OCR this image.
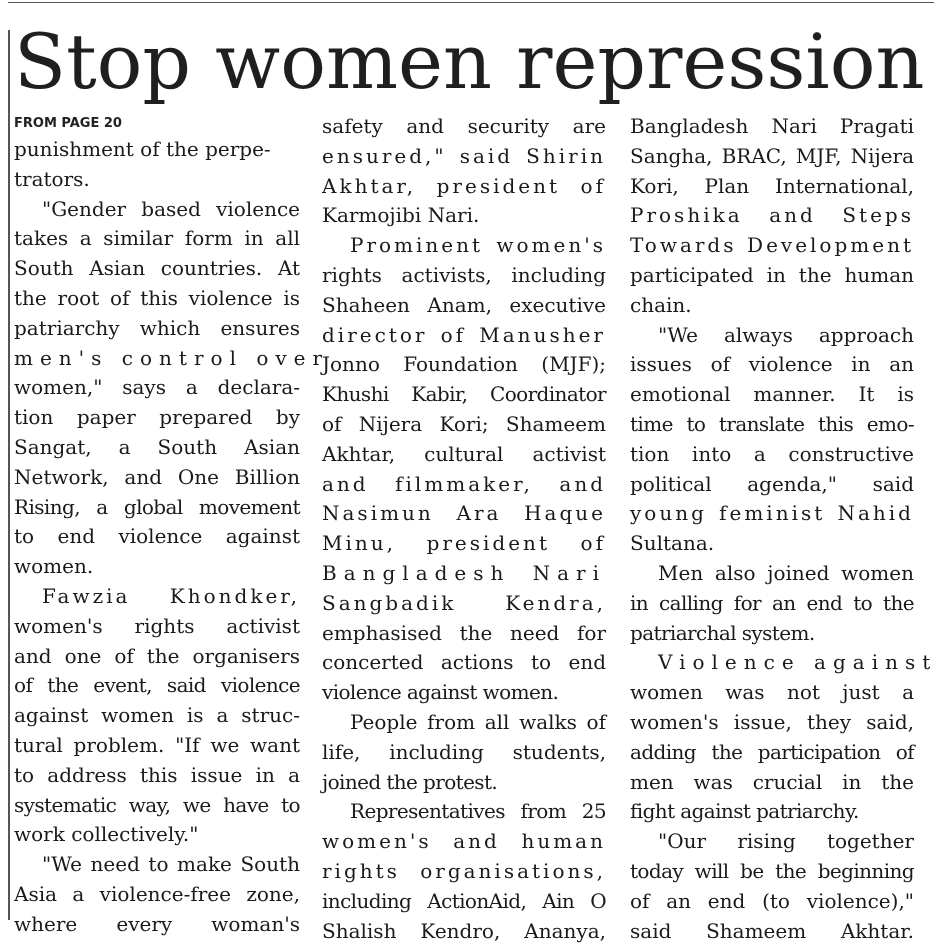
Stop women repression
FROM PAGE 20
punishment of the perpe-
trators.
"Gender based violence
takes a similar form in all
South Asian countries. At
the root of this violence is
patriarchy which ensures
men's control over
women," says a declara-
tion paper prepared by
Sangat, a South Asian
Network, and One Billion
Rising, a global movement
to end violence against
women.
Fawzia Khondker,
women's rights activist
and one of the organisers
of the event, said violence
against women is a struc-
tural problem. "If we want
to address this issue in a
systematic way, we have to
work collectively."
"We need to make South
Asia a violence-free zone,
where every woman's
safety and security are
ensured," said Shirin
Akhtar, president of
Karmojibi Nari.
Prominent women's
rights activists, including
Shaheen Anam, executive
director of Manusher
Jonno Foundation (MJF);
Khushi Kabir, Coordinator
of Nijera Kori; Shameem
Akhtar, cultural activist
and filmmaker, and
Nasimun Ara Haque
Minu, president of
Bangladesh Nari
Sangbadik Kendra,
emphasised the need for
concerted actions to end
violence against women.
People from all walks of
life, including students,
joined the protest.
Representatives from 25
women's and human
rights organisations,
including ActionAid, Ain O
Shalish Kendro, Ananya,
Bangladesh Nari Pragati
Sangha, BRAC, MJF, Nijera
Kori, Plan International,
Proshika and Steps
Towards Development
participated in the human
chain.
"We always approach
issues of violence in an
emotional manner. It is
time to translate this emo-
tion into a constructive
political agenda," said
young feminist Nahid
Sultana.
Men also joined women
in calling for an end to the
patriarchal system.
Violence against
women was not just a
women's issue, they said,
adding the participation of
men was crucial in the
fight against patriarchy.
"Our rising together
today will be the beginning
of an end (to violence),"
said Shameem Akhtar.
